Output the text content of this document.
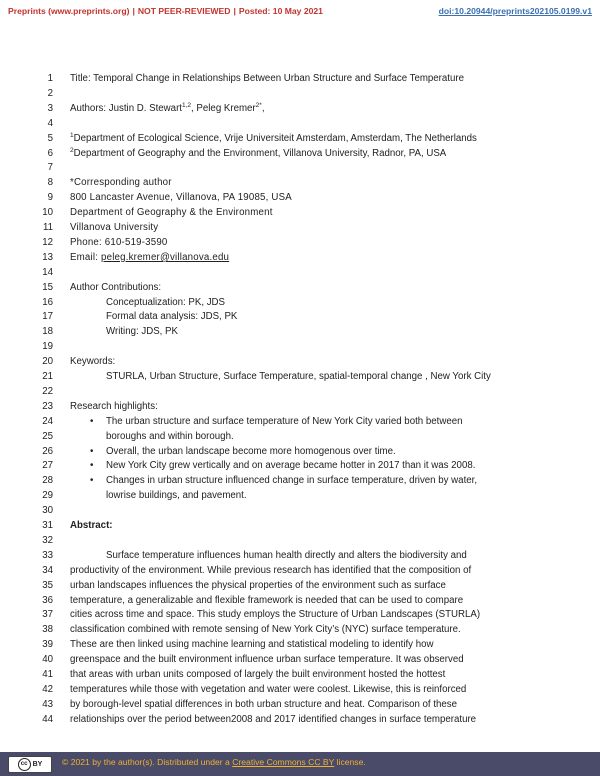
Preprints (www.preprints.org) | NOT PEER-REVIEWED | Posted: 10 May 2021	doi:10.20944/preprints202105.0199.v1
1 Title: Temporal Change in Relationships Between Urban Structure and Surface Temperature
2
3 Authors: Justin D. Stewart$^{1,2}$, Peleg Kremer$^{2*}$,
4
5	$^1$Department of Ecological Science, Vrije Universiteit Amsterdam, Amsterdam, The Netherlands
6	$^2$Department of Geography and the Environment, Villanova University, Radnor, PA, USA
7
8 *Corresponding author
9 800 Lancaster Avenue, Villanova, PA 19085, USA
10 Department of Geography & the Environment
11 Villanova University
12 Phone: 610-519-3590
13 Email: peleg.kremer@villanova.edu
14
15 Author Contributions:
16	Conceptualization: PK, JDS
17	Formal data analysis: JDS, PK
18	Writing: JDS, PK
19
20 Keywords:
21	STURLA, Urban Structure, Surface Temperature, spatial-temporal change , New York City
22
23 Research highlights:
24	• The urban structure and surface temperature of New York City varied both between
25	boroughs and within borough.
26	• Overall, the urban landscape become more homogenous over time.
27	• New York City grew vertically and on average became hotter in 2017 than it was 2008.
28	• Changes in urban structure influenced change in surface temperature, driven by water,
29	lowrise buildings, and pavement.
30
31 Abstract:
32
33	Surface temperature influences human health directly and alters the biodiversity and
34 productivity of the environment. While previous research has identified that the composition of
35 urban landscapes influences the physical properties of the environment such as surface
36 temperature, a generalizable and flexible framework is needed that can be used to compare
37 cities across time and space. This study employs the Structure of Urban Landscapes (STURLA)
38 classification combined with remote sensing of New York City’s (NYC) surface temperature.
39 These are then linked using machine learning and statistical modeling to identify how
40 greenspace and the built environment influence urban surface temperature. It was observed
41 that areas with urban units composed of largely the built environment hosted the hottest
42 temperatures while those with vegetation and water were coolest. Likewise, this is reinforced
43 by borough-level spatial differences in both urban structure and heat. Comparison of these
44 relationships over the period between2008 and 2017 identified changes in surface temperature
cc BY	© 2021 by the author(s). Distributed under a Creative Commons CC BY license.
